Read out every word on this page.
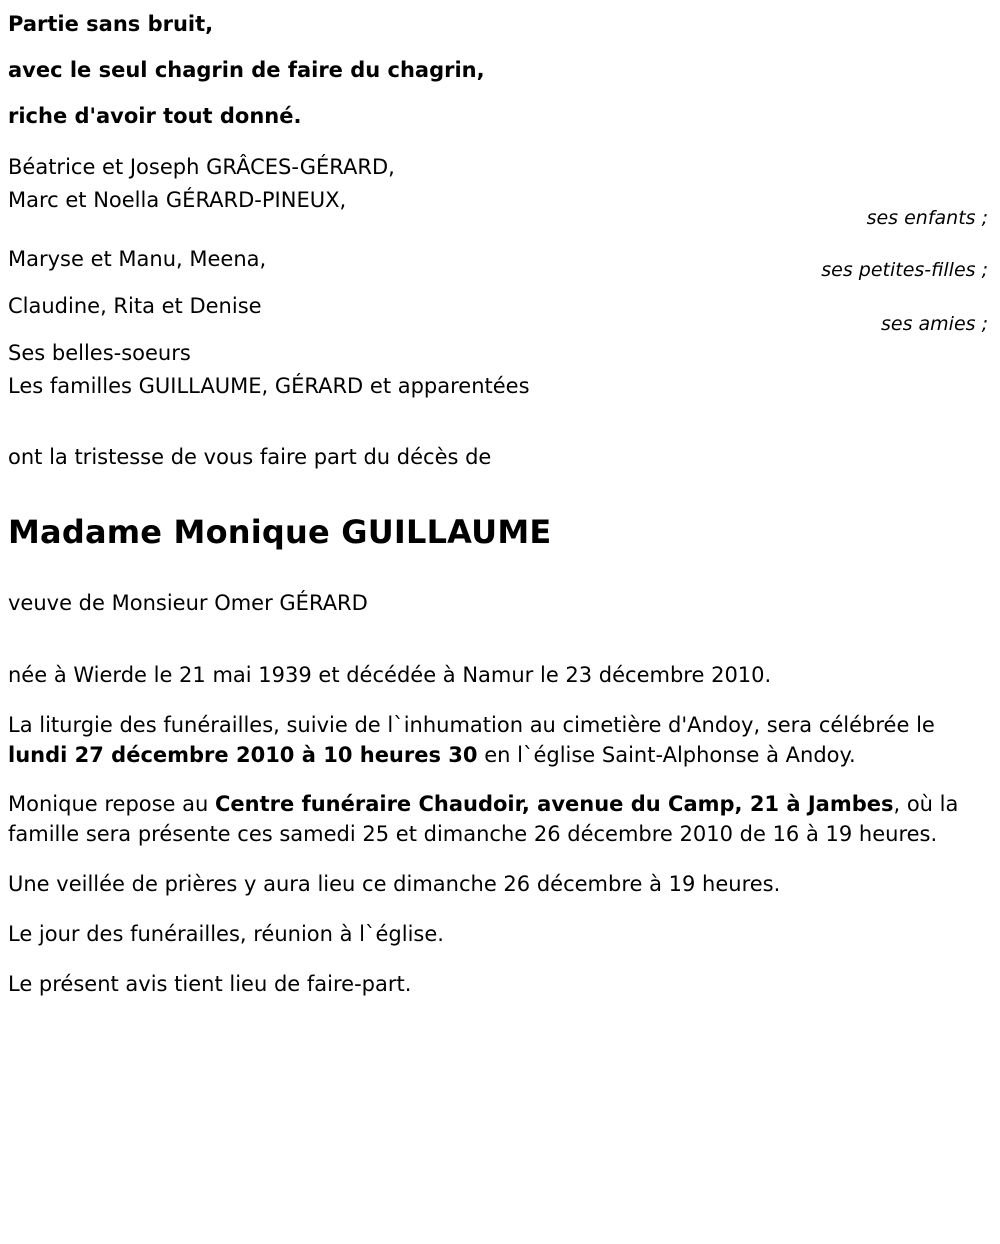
Partie sans bruit,
avec le seul chagrin de faire du chagrin,
riche d'avoir tout donné.
Béatrice et Joseph GRÂCES-GÉRARD,
Marc et Noella GÉRARD-PINEUX,
Maryse et Manu, Meena,
Claudine, Rita et Denise
Ses belles-soeurs
Les familles GUILLAUME, GÉRARD et apparentées
ses enfants ;
ses petites-filles ;
ses amies ;
ont la tristesse de vous faire part du décès de
Madame Monique GUILLAUME
veuve de Monsieur Omer GÉRARD

née à Wierde le 21 mai 1939 et décédée à Namur le 23 décembre 2010.

La liturgie des funérailles, suivie de l`inhumation au cimetière d'Andoy, sera célébrée le lundi 27 décembre 2010 à 10 heures 30 en l`église Saint-Alphonse à Andoy.

Monique repose au Centre funéraire Chaudoir, avenue du Camp, 21 à Jambes, où la famille sera présente ces samedi 25 et dimanche 26 décembre 2010 de 16 à 19 heures.

Une veillée de prières y aura lieu ce dimanche 26 décembre à 19 heures.

Le jour des funérailles, réunion à l`église.

Le présent avis tient lieu de faire-part.
